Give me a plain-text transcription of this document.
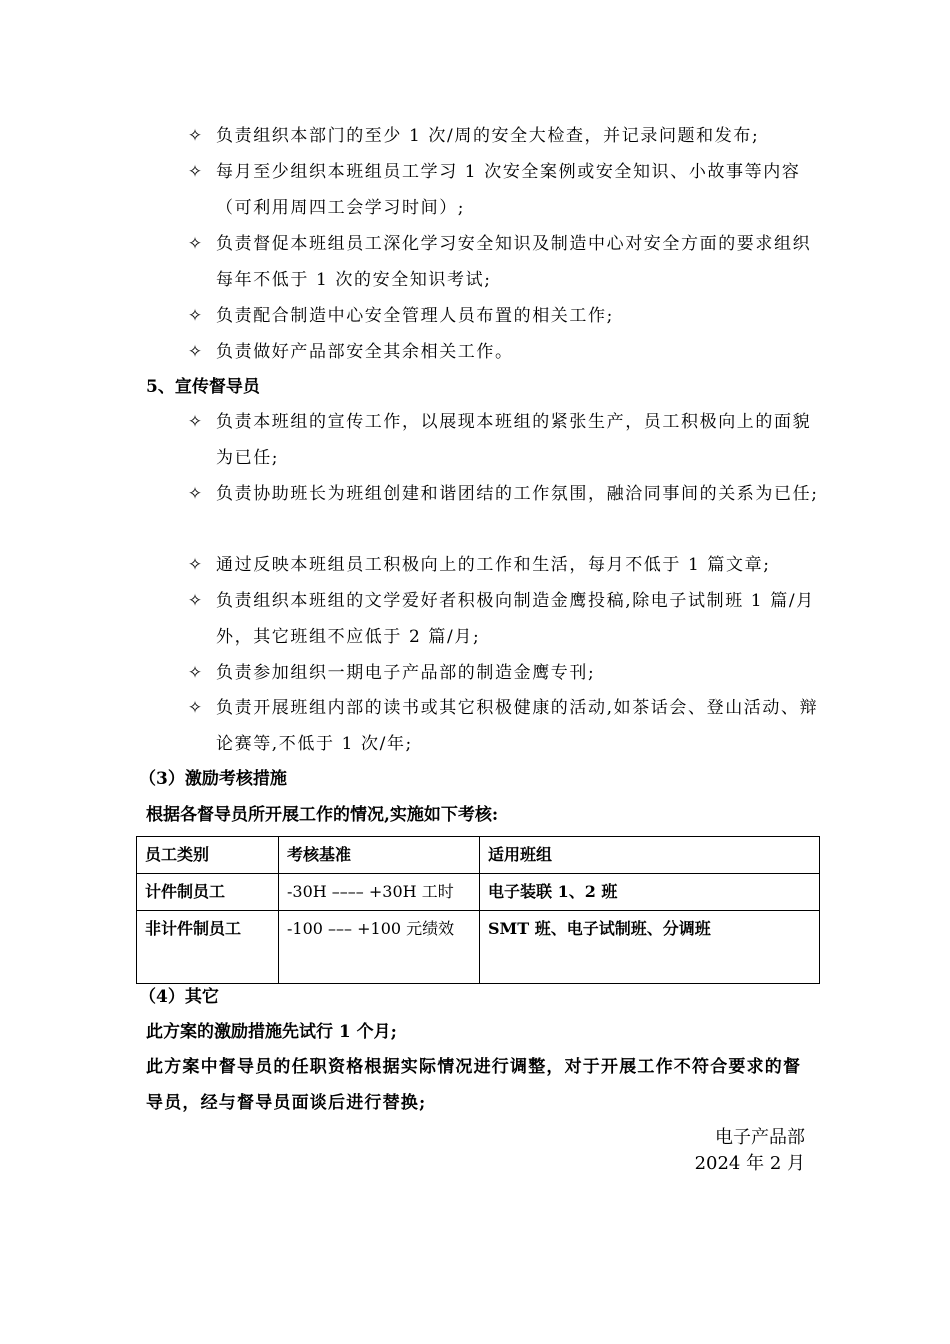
✧ 负责组织本部门的至少 1 次/周的安全大检查，并记录问题和发布;
✧ 每月至少组织本班组员工学习 1 次安全案例或安全知识、小故事等内容（可利用周四工会学习时间）;
✧ 负责督促本班组员工深化学习安全知识及制造中心对安全方面的要求组织每年不低于 1 次的安全知识考试;
✧ 负责配合制造中心安全管理人员布置的相关工作;
✧ 负责做好产品部安全其余相关工作。
5、宣传督导员
✧ 负责本班组的宣传工作，以展现本班组的紧张生产，员工积极向上的面貌为已任;
✧ 负责协助班长为班组创建和谐团结的工作氛围，融洽同事间的关系为已任;
✧ 通过反映本班组员工积极向上的工作和生活，每月不低于 1 篇文章;
✧ 负责组织本班组的文学爱好者积极向制造金鹰投稿,除电子试制班 1 篇/月外，其它班组不应低于 2 篇/月;
✧ 负责参加组织一期电子产品部的制造金鹰专刊;
✧ 负责开展班组内部的读书或其它积极健康的活动,如茶话会、登山活动、辩论赛等,不低于 1 次/年;
（3）激励考核措施
根据各督导员所开展工作的情况,实施如下考核:
员工类别	考核基准	适用班组
计件制员工	-30H –––– +30H 工时	电子装联 1、2 班
非计件制员工	-100 ––– +100 元绩效	SMT 班、电子试制班、分调班
（4）其它
此方案的激励措施先试行 1 个月;
此方案中督导员的任职资格根据实际情况进行调整，对于开展工作不符合要求的督导员，经与督导员面谈后进行替换;
电子产品部
2024 年 2 月
